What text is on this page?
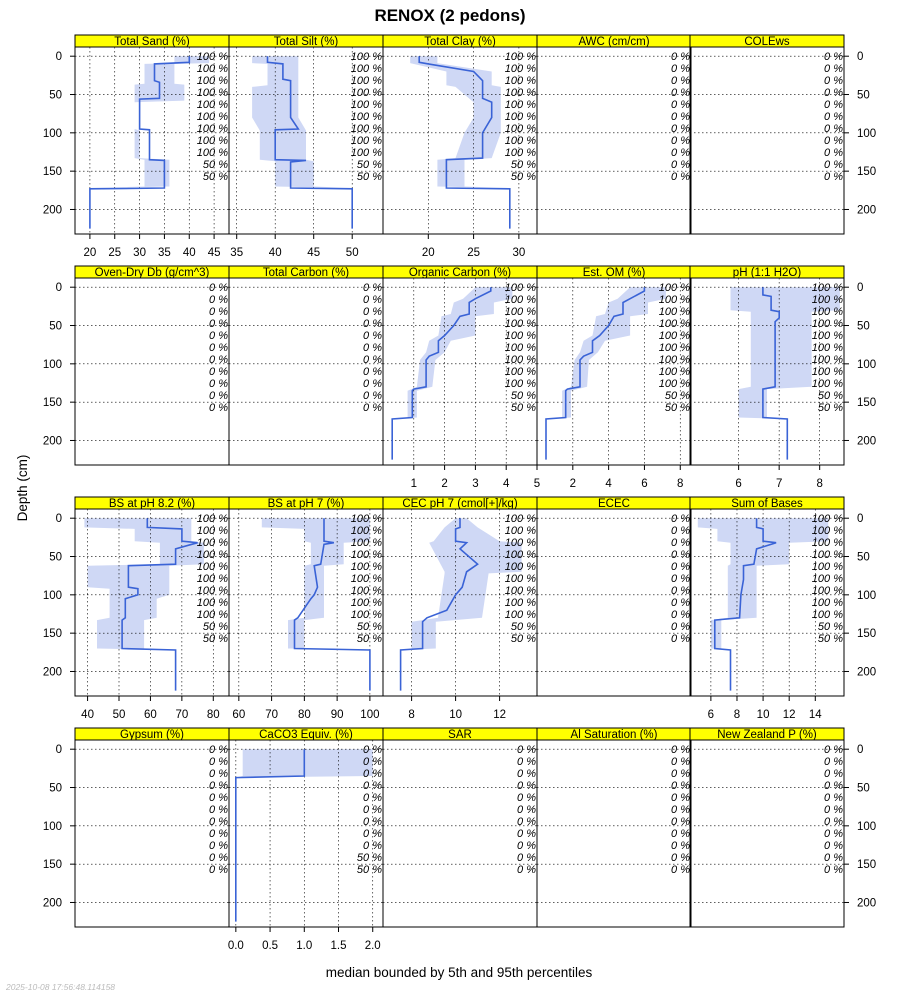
RENOX (2 pedons)
Total Sand (%)
100 %
100 %
100 %
100 %
100 %
100 %
100 %
100 %
100 %
50 %
50 %
20 25 30 35 40 45
0
50
100
150
200
Total Silt (%)
100 %
100 %
100 %
100 %
100 %
100 %
100 %
100 %
100 %
50 %
50 %
35 40 45 50
Total Clay (%)
100 %
100 %
100 %
100 %
100 %
100 %
100 %
100 %
100 %
50 %
50 %
20	25	30
AWC (cm/cm)
0 %
0 %
0 %
0 %
0 %
0 %
0 %
0 %
0 %
0 %
0 %
COLEws
0 %
0 %
0 %
0 %
0 %
0 %
0 %
0 %
0 %
0 %
0 %
0
50
100
150
200
Oven-Dry Db (g/cm^3)
0 %
0 %
0 %
0 %
0 %
0 %
0 %
0 %
0 %
0 %
0 %
0
50
100
150
200
Total Carbon (%)
0 %
0 %
0 %
0 %
0 %
0 %
0 %
0 %
0 %
0 %
0 %
Organic Carbon (%)
100 %
100 %
100 %
100 %
100 %
100 %
100 %
100 %
100 %
50 %
50 %
1 2 3 4 5
Est. OM (%)
100 %
100 %
100 %
100 %
100 %
100 %
100 %
100 %
100 %
50 %
50 %
2	4	6	8
pH (1:1 H2O)
100 %
100 %
100 %
100 %
100 %
100 %
100 %
100 %
100 %
50 %
50 %
6	7	8
0
50
100
150
200
BS at pH 8.2 (%)
100 %
100 %
100 %
100 %
100 %
100 %
100 %
100 %
100 %
50 %
50 %
40 50 60 70 80
0
50
100
150
200
BS at pH 7 (%)
100 %
100 %
100 %
100 %
100 %
100 %
100 %
100 %
100 %
50 %
50 %
60 70 80 90 100
CEC pH 7 (cmol[+]/kg)
100 %
100 %
100 %
100 %
100 %
100 %
100 %
100 %
100 %
50 %
50 %
8	10	12
ECEC
0 %
0 %
0 %
0 %
0 %
0 %
0 %
0 %
0 %
0 %
0 %
Sum of Bases
100 %
100 %
100 %
100 %
100 %
100 %
100 %
100 %
100 %
50 %
50 %
6 8 10 12 14
0
50
100
150
200
Gypsum (%)
0 %
0 %
0 %
0 %
0 %
0 %
0 %
0 %
0 %
0 %
0 %
0
50
100
150
200
CaCO3 Equiv. (%)
0 %
0 %
0 %
0 %
0 %
0 %
0 %
0 %
0 %
50 %
50 %
0.0 0.5 1.0 1.5 2.0
SAR
0 %
0 %
0 %
0 %
0 %
0 %
0 %
0 %
0 %
0 %
0 %
Al Saturation (%)
0 %
0 %
0 %
0 %
0 %
0 %
0 %
0 %
0 %
0 %
0 %
New Zealand P (%)
0 %
0 %
0 %
0 %
0 %
0 %
0 %
0 %
0 %
0 %
0 %
0
50
100
150
200
Depth (cm)
median bounded by 5th and 95th percentiles
2025-10-08 17:56:48.114158
